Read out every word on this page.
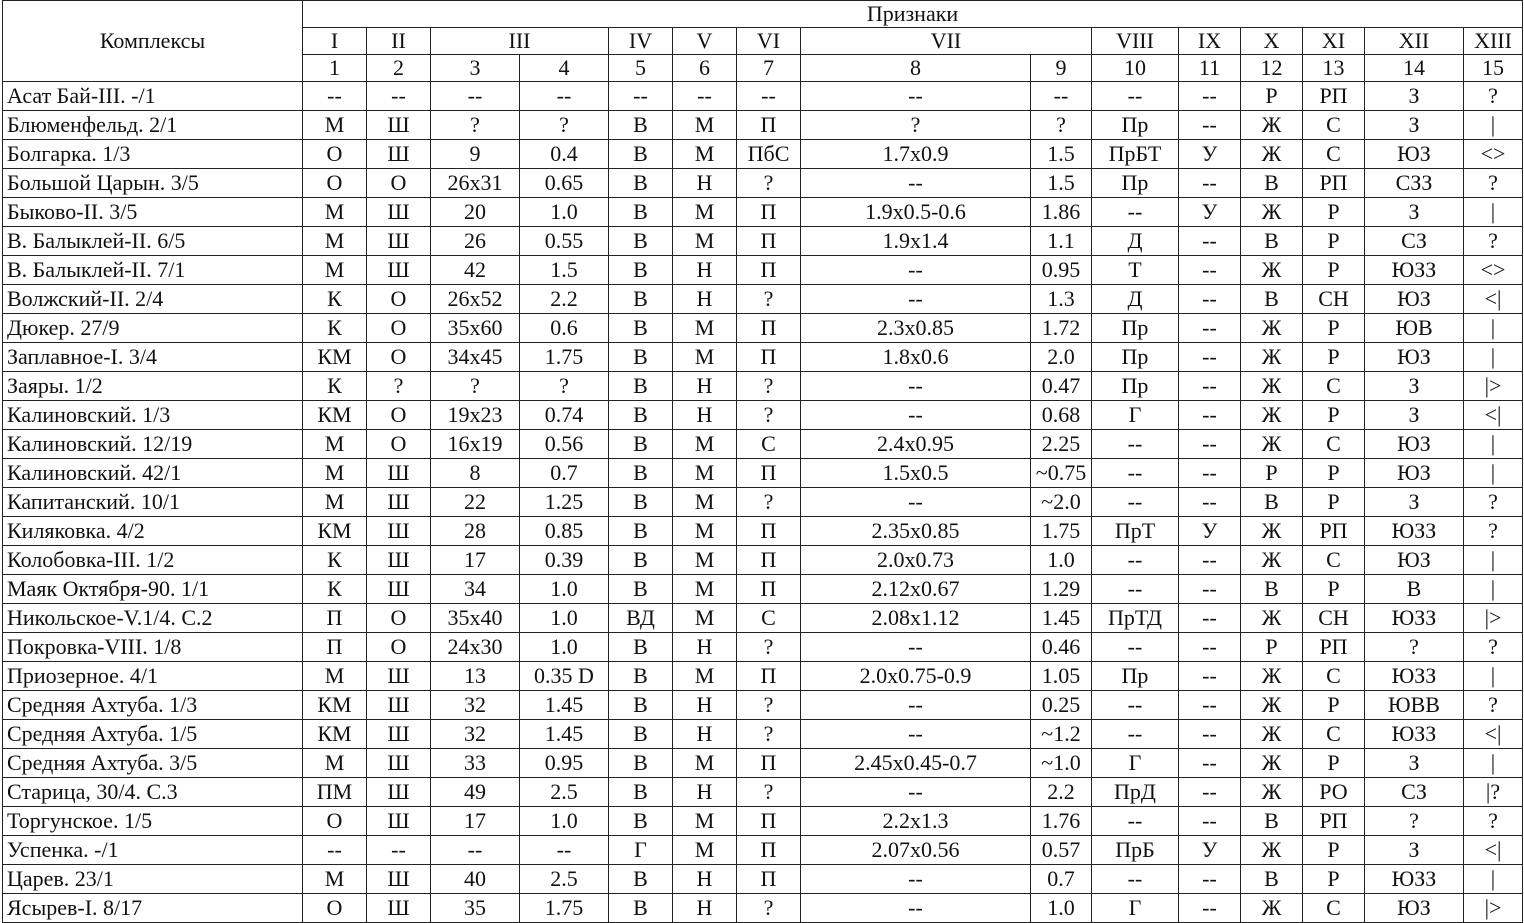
Комплексы	Признаки														
	I	II	III		IV	V	VI	VII		VIII	IX	X	XI	XII	XIII
	1	2	3	4	5	6	7	8	9	10	11	12	13	14	15
Асат Бай-III. -/1	--	--	--	--	--	--	--	--	--	--	--	Р	РП	З	?
Блюменфельд. 2/1	М	Ш	?	?	В	М	П	?	?	Пр	--	Ж	С	З	|
Болгарка. 1/3	О	Ш	9	0.4	В	М	ПбС	1.7x0.9	1.5	ПрБТ	У	Ж	С	ЮЗ	<>
Большой Царын. 3/5	О	О	26x31	0.65	В	Н	?	--	1.5	Пр	--	В	РП	СЗЗ	?
Быково-II. 3/5	М	Ш	20	1.0	В	М	П	1.9x0.5-0.6	1.86	--	У	Ж	Р	З	|
В. Балыклей-II. 6/5	М	Ш	26	0.55	В	М	П	1.9x1.4	1.1	Д	--	В	Р	СЗ	?
В. Балыклей-II. 7/1	М	Ш	42	1.5	В	Н	П	--	0.95	Т	--	Ж	Р	ЮЗЗ	<>
Волжский-II. 2/4	К	О	26x52	2.2	В	Н	?	--	1.3	Д	--	В	СН	ЮЗ	<|
Дюкер. 27/9	К	О	35x60	0.6	В	М	П	2.3x0.85	1.72	Пр	--	Ж	Р	ЮВ	|
Заплавное-I. 3/4	КМ	О	34x45	1.75	В	М	П	1.8x0.6	2.0	Пр	--	Ж	Р	ЮЗ	|
Заяры. 1/2	К	?	?	?	В	Н	?	--	0.47	Пр	--	Ж	С	З	|>
Калиновский. 1/3	КМ	О	19x23	0.74	В	Н	?	--	0.68	Г	--	Ж	Р	З	<|
Калиновский. 12/19	М	О	16x19	0.56	В	М	С	2.4x0.95	2.25	--	--	Ж	С	ЮЗ	|
Калиновский. 42/1	М	Ш	8	0.7	В	М	П	1.5x0.5	~0.75	--	--	Р	Р	ЮЗ	|
Капитанский. 10/1	М	Ш	22	1.25	В	М	?	--	~2.0	--	--	В	Р	З	?
Киляковка. 4/2	КМ	Ш	28	0.85	В	М	П	2.35x0.85	1.75	ПрТ	У	Ж	РП	ЮЗЗ	?
Колобовка-III. 1/2	К	Ш	17	0.39	В	М	П	2.0x0.73	1.0	--	--	Ж	С	ЮЗ	|
Маяк Октября-90. 1/1	К	Ш	34	1.0	В	М	П	2.12x0.67	1.29	--	--	В	Р	В	|
Никольское-V.1/4. С.2	П	О	35x40	1.0	ВД	М	С	2.08x1.12	1.45	ПрТД	--	Ж	СН	ЮЗЗ	|>
Покровка-VIII. 1/8	П	О	24x30	1.0	В	Н	?	--	0.46	--	--	Р	РП	?	?
Приозерное. 4/1	М	Ш	13	0.35 D	В	М	П	2.0x0.75-0.9	1.05	Пр	--	Ж	С	ЮЗЗ	|
Средняя Ахтуба. 1/3	КМ	Ш	32	1.45	В	Н	?	--	0.25	--	--	Ж	Р	ЮВВ	?
Средняя Ахтуба. 1/5	КМ	Ш	32	1.45	В	Н	?	--	~1.2	--	--	Ж	С	ЮЗЗ	<|
Средняя Ахтуба. 3/5	М	Ш	33	0.95	В	М	П	2.45x0.45-0.7	~1.0	Г	--	Ж	Р	З	|
Старица, 30/4. С.3	ПМ	Ш	49	2.5	В	Н	?	--	2.2	ПрД	--	Ж	РО	СЗ	|?
Торгунское. 1/5	О	Ш	17	1.0	В	М	П	2.2x1.3	1.76	--	--	В	РП	?	?
Успенка. -/1	--	--	--	--	Г	М	П	2.07x0.56	0.57	ПрБ	У	Ж	Р	З	<|
Царев. 23/1	М	Ш	40	2.5	В	Н	П	--	0.7	--	--	В	Р	ЮЗЗ	|
Ясырев-I. 8/17	О	Ш	35	1.75	В	Н	?	--	1.0	Г	--	Ж	С	ЮЗ	|>
